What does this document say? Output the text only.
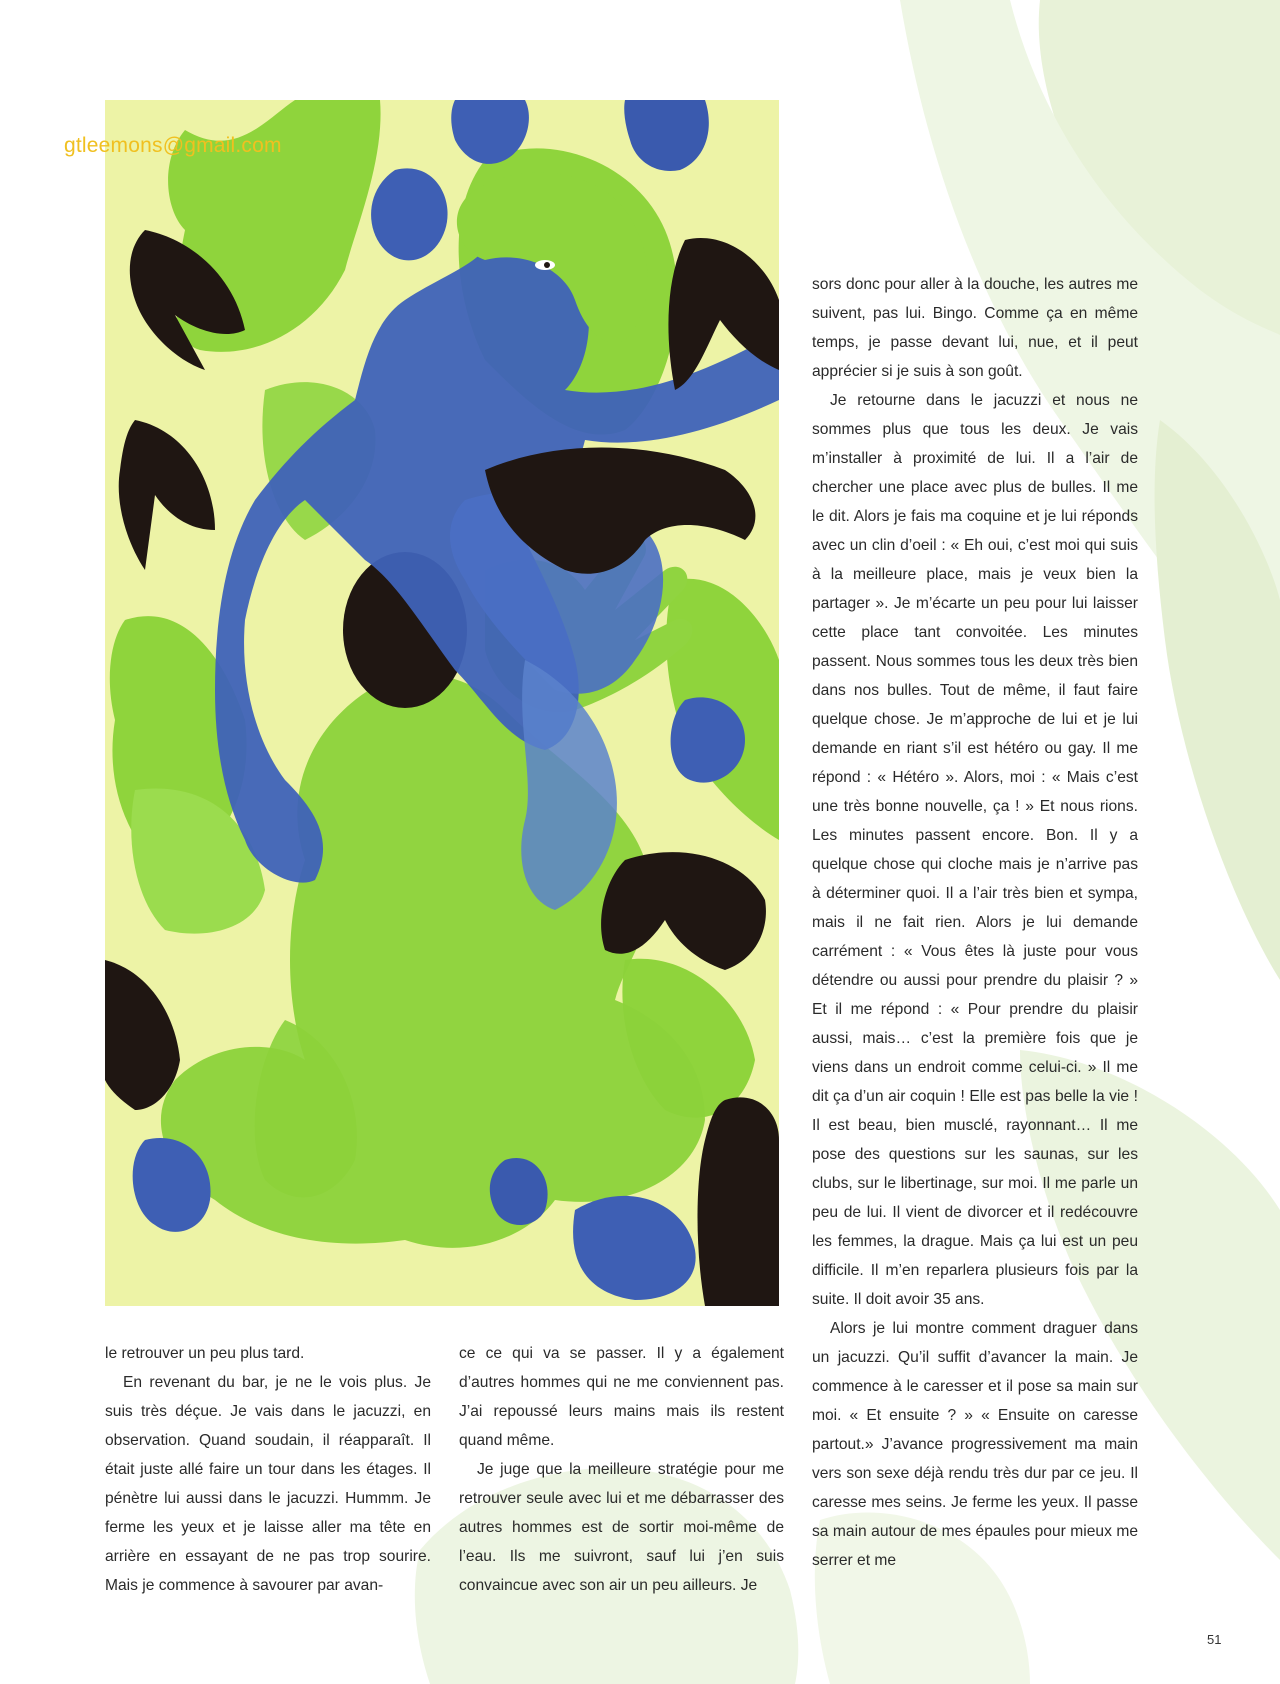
gtleemons@gmail.com

sors donc pour aller à la douche, les autres me suivent, pas lui. Bingo. Comme ça en même temps, je passe devant lui, nue, et il peut apprécier si je suis à son goût.

Je retourne dans le jacuzzi et nous ne sommes plus que tous les deux. Je vais m’installer à proximité de lui. Il a l’air de chercher une place avec plus de bulles. Il me le dit. Alors je fais ma coquine et je lui réponds avec un clin d’oeil : « Eh oui, c’est moi qui suis à la meilleure place, mais je veux bien la partager ». Je m’écarte un peu pour lui laisser cette place tant convoitée. Les minutes passent. Nous sommes tous les deux très bien dans nos bulles. Tout de même, il faut faire quelque chose. Je m’approche de lui et je lui demande en riant s’il est hétéro ou gay. Il me répond : « Hétéro ». Alors, moi : « Mais c’est une très bonne nouvelle, ça ! » Et nous rions. Les minutes passent encore. Bon. Il y a quelque chose qui cloche mais je n’arrive pas à déterminer quoi. Il a l’air très bien et sympa, mais il ne fait rien. Alors je lui demande carrément : « Vous êtes là juste pour vous détendre ou aussi pour prendre du plaisir ? » Et il me répond : « Pour prendre du plaisir aussi, mais… c’est la première fois que je viens dans un endroit comme celui-ci. » Il me dit ça d’un air coquin ! Elle est pas belle la vie ! Il est beau, bien musclé, rayonnant… Il me pose des questions sur les saunas, sur les clubs, sur le libertinage, sur moi. Il me parle un peu de lui. Il vient de divorcer et il redécouvre les femmes, la drague. Mais ça lui est un peu difficile. Il m’en reparlera plusieurs fois par la suite. Il doit avoir 35 ans.

Alors je lui montre comment draguer dans un jacuzzi. Qu’il suffit d’avancer la main. Je commence à le caresser et il pose sa main sur moi. « Et ensuite ? » « Ensuite on caresse partout.» J’avance progressivement ma main vers son sexe déjà rendu très dur par ce jeu. Il caresse mes seins. Je ferme les yeux. Il passe sa main autour de mes épaules pour mieux me serrer et me

le retrouver un peu plus tard.

En revenant du bar, je ne le vois plus. Je suis très déçue. Je vais dans le jacuzzi, en observation. Quand soudain, il réapparaît. Il était juste allé faire un tour dans les étages. Il pénètre lui aussi dans le jacuzzi. Hummm. Je ferme les yeux et je laisse aller ma tête en arrière en essayant de ne pas trop sourire. Mais je commence à savourer par avan-

ce ce qui va se passer. Il y a également d’autres hommes qui ne me conviennent pas. J’ai repoussé leurs mains mais ils restent quand même.

Je juge que la meilleure stratégie pour me retrouver seule avec lui et me débarrasser des autres hommes est de sortir moi-même de l’eau. Ils me suivront, sauf lui j’en suis convaincue avec son air un peu ailleurs. Je

51
